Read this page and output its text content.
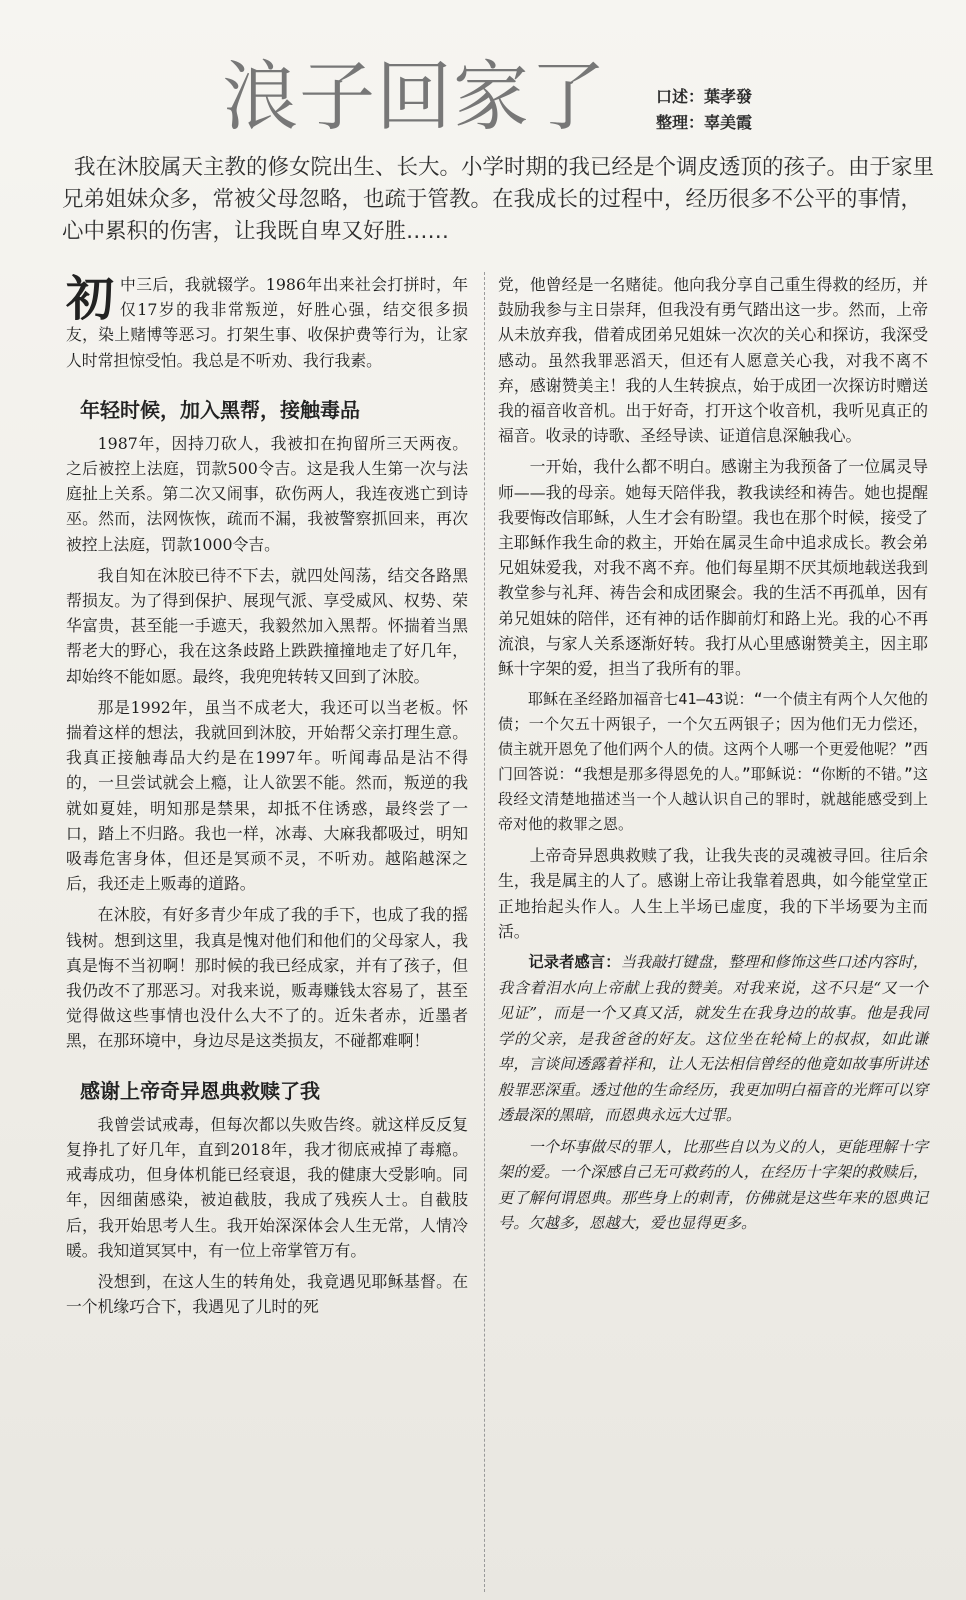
浪子回家了	口述：葉孝發
整理：辜美霞

我在沐胶属天主教的修女院出生、长大。小学时期的我已经是个调皮透顶的孩子。由于家里兄弟姐妹众多，常被父母忽略，也疏于管教。在我成长的过程中，经历很多不公平的事情，心中累积的伤害，让我既自卑又好胜……

初中三后，我就辍学。1986年出来社会打拼时，年仅17岁的我非常叛逆，好胜心强，结交很多损友，染上赌博等恶习。打架生事、收保护费等行为，让家人时常担惊受怕。我总是不听劝、我行我素。

年轻时候，加入黑帮，接触毒品

1987年，因持刀砍人，我被扣在拘留所三天两夜。之后被控上法庭，罚款500令吉。这是我人生第一次与法庭扯上关系。第二次又闹事，砍伤两人，我连夜逃亡到诗巫。然而，法网恢恢，疏而不漏，我被警察抓回来，再次被控上法庭，罚款1000令吉。

我自知在沐胶已待不下去，就四处闯荡，结交各路黑帮损友。为了得到保护、展现气派、享受威风、权势、荣华富贵，甚至能一手遮天，我毅然加入黑帮。怀揣着当黑帮老大的野心，我在这条歧路上跌跌撞撞地走了好几年，却始终不能如愿。最终，我兜兜转转又回到了沐胶。

那是1992年，虽当不成老大，我还可以当老板。怀揣着这样的想法，我就回到沐胶，开始帮父亲打理生意。我真正接触毒品大约是在1997年。听闻毒品是沾不得的，一旦尝试就会上瘾，让人欲罢不能。然而，叛逆的我就如夏娃，明知那是禁果，却抵不住诱惑，最终尝了一口，踏上不归路。我也一样，冰毒、大麻我都吸过，明知吸毒危害身体，但还是冥顽不灵，不听劝。越陷越深之后，我还走上贩毒的道路。

在沐胶，有好多青少年成了我的手下，也成了我的摇钱树。想到这里，我真是愧对他们和他们的父母家人，我真是悔不当初啊！那时候的我已经成家，并有了孩子，但我仍改不了那恶习。对我来说，贩毒赚钱太容易了，甚至觉得做这些事情也没什么大不了的。近朱者赤，近墨者黑，在那环境中，身边尽是这类损友，不碰都难啊！

感谢上帝奇异恩典救赎了我

我曾尝试戒毒，但每次都以失败告终。就这样反反复复挣扎了好几年，直到2018年，我才彻底戒掉了毒瘾。戒毒成功，但身体机能已经衰退，我的健康大受影响。同年，因细菌感染，被迫截肢，我成了残疾人士。自截肢后，我开始思考人生。我开始深深体会人生无常，人情冷暖。我知道冥冥中，有一位上帝掌管万有。

没想到，在这人生的转角处，我竟遇见耶稣基督。在一个机缘巧合下，我遇见了儿时的死

党，他曾经是一名赌徒。他向我分享自己重生得救的经历，并鼓励我参与主日崇拜，但我没有勇气踏出这一步。然而，上帝从未放弃我，借着成团弟兄姐妹一次次的关心和探访，我深受感动。虽然我罪恶滔天，但还有人愿意关心我，对我不离不弃，感谢赞美主！我的人生转捩点，始于成团一次探访时赠送我的福音收音机。出于好奇，打开这个收音机，我听见真正的福音。收录的诗歌、圣经导读、证道信息深触我心。

一开始，我什么都不明白。感谢主为我预备了一位属灵导师——我的母亲。她每天陪伴我，教我读经和祷告。她也提醒我要悔改信耶稣，人生才会有盼望。我也在那个时候，接受了主耶稣作我生命的救主，开始在属灵生命中追求成长。教会弟兄姐妹爱我，对我不离不弃。他们每星期不厌其烦地载送我到教堂参与礼拜、祷告会和成团聚会。我的生活不再孤单，因有弟兄姐妹的陪伴，还有神的话作脚前灯和路上光。我的心不再流浪，与家人关系逐渐好转。我打从心里感谢赞美主，因主耶稣十字架的爱，担当了我所有的罪。

耶稣在圣经路加福音七41–43说：“一个债主有两个人欠他的债；一个欠五十两银子，一个欠五两银子；因为他们无力偿还，债主就开恩免了他们两个人的债。这两个人哪一个更爱他呢？”西门回答说：“我想是那多得恩免的人。”耶稣说：“你断的不错。”这段经文清楚地描述当一个人越认识自己的罪时，就越能感受到上帝对他的救罪之恩。

上帝奇异恩典救赎了我，让我失丧的灵魂被寻回。往后余生，我是属主的人了。感谢上帝让我靠着恩典，如今能堂堂正正地抬起头作人。人生上半场已虚度，我的下半场要为主而活。

记录者感言：当我敲打键盘，整理和修饰这些口述内容时，我含着泪水向上帝献上我的赞美。对我来说，这不只是“又一个见证”，而是一个又真又活，就发生在我身边的故事。他是我同学的父亲，是我爸爸的好友。这位坐在轮椅上的叔叔，如此谦卑，言谈间透露着祥和，让人无法相信曾经的他竟如故事所讲述般罪恶深重。透过他的生命经历，我更加明白福音的光辉可以穿透最深的黑暗，而恩典永远大过罪。

一个坏事做尽的罪人，比那些自以为义的人，更能理解十字架的爱。一个深感自己无可救药的人，在经历十字架的救赎后，更了解何谓恩典。那些身上的刺青，仿佛就是这些年来的恩典记号。欠越多，恩越大，爱也显得更多。
